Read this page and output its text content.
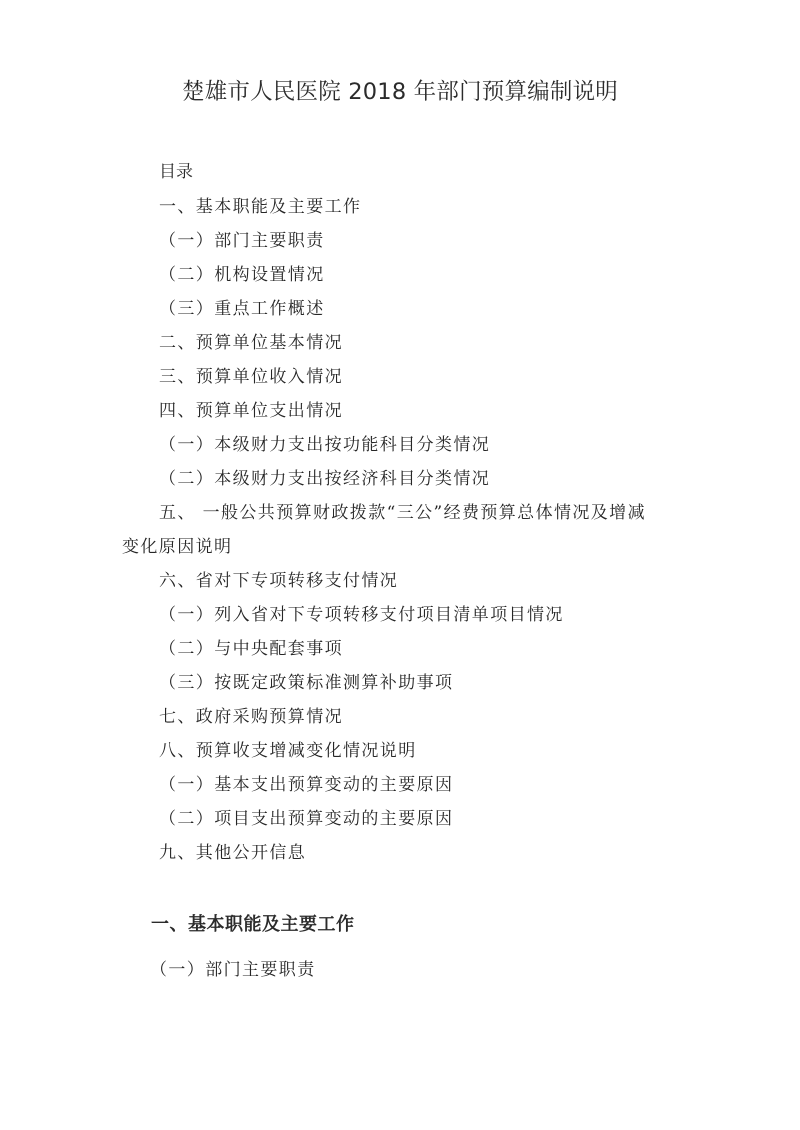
楚雄市人民医院 2018 年部门预算编制说明
目录
一、基本职能及主要工作
（一）部门主要职责
（二）机构设置情况
（三）重点工作概述
二、预算单位基本情况
三、预算单位收入情况
四、预算单位支出情况
（一）本级财力支出按功能科目分类情况
（二）本级财力支出按经济科目分类情况
五、 一般公共预算财政拨款“三公”经费预算总体情况及增减
变化原因说明
六、省对下专项转移支付情况
（一）列入省对下专项转移支付项目清单项目情况
（二）与中央配套事项
（三）按既定政策标准测算补助事项
七、政府采购预算情况
八、预算收支增减变化情况说明
（一）基本支出预算变动的主要原因
（二）项目支出预算变动的主要原因
九、其他公开信息
一、基本职能及主要工作
（一）部门主要职责
